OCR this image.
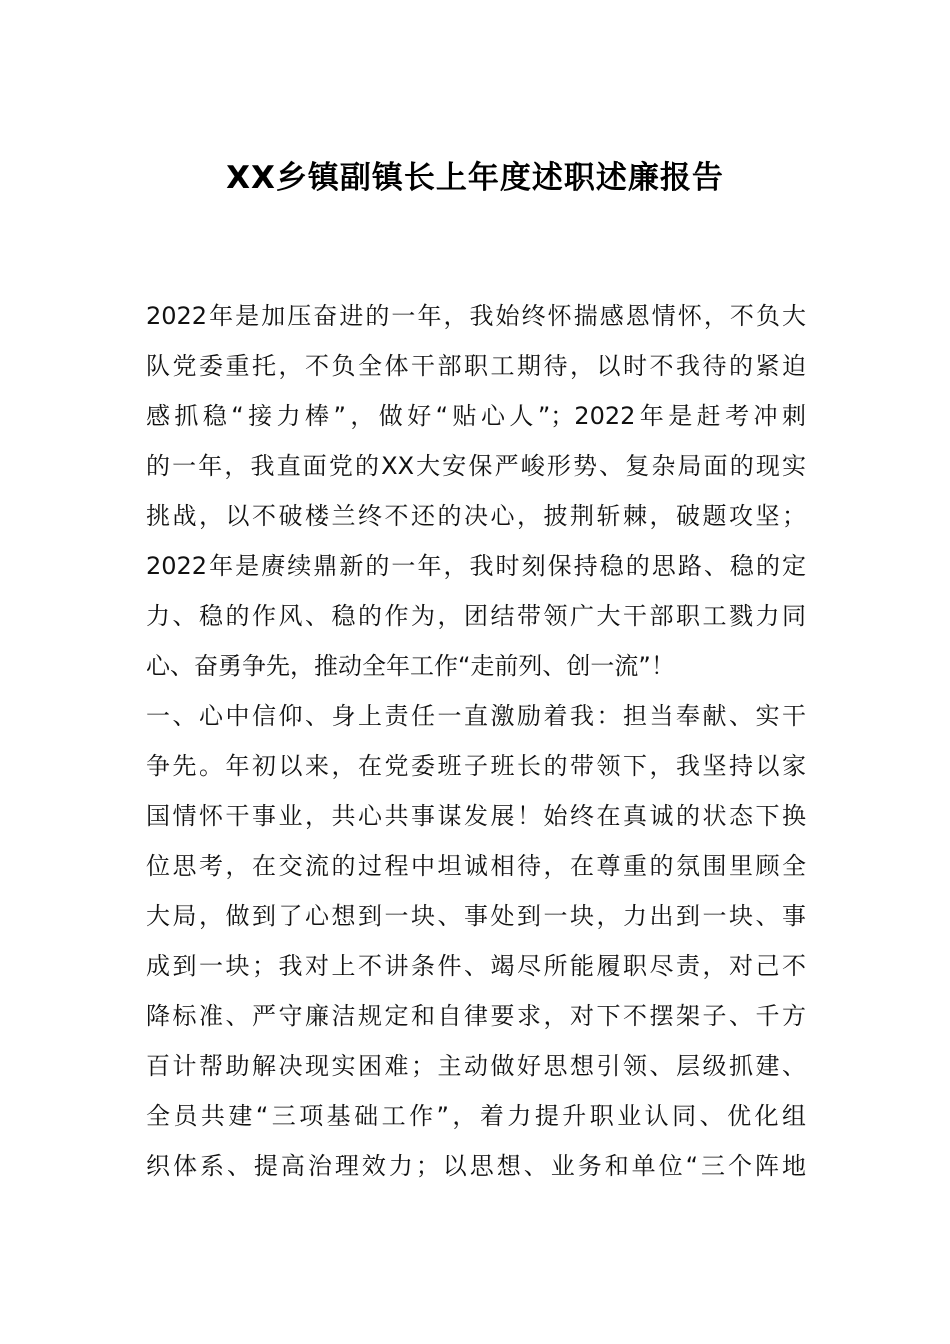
XX乡镇副镇长上年度述职述廉报告
2022年是加压奋进的一年，我始终怀揣感恩情怀，不负大
队党委重托，不负全体干部职工期待，以时不我待的紧迫
感抓稳“接力棒”，做好“贴心人”；2022年是赶考冲刺
的一年，我直面党的XX大安保严峻形势、复杂局面的现实
挑战，以不破楼兰终不还的决心，披荆斩棘，破题攻坚；
2022年是赓续鼎新的一年，我时刻保持稳的思路、稳的定
力、稳的作风、稳的作为，团结带领广大干部职工戮力同
心、奋勇争先，推动全年工作“走前列、创一流”！
一、心中信仰、身上责任一直激励着我：担当奉献、实干
争先。年初以来，在党委班子班长的带领下，我坚持以家
国情怀干事业，共心共事谋发展！始终在真诚的状态下换
位思考，在交流的过程中坦诚相待，在尊重的氛围里顾全
大局，做到了心想到一块、事处到一块，力出到一块、事
成到一块；我对上不讲条件、竭尽所能履职尽责，对己不
降标准、严守廉洁规定和自律要求，对下不摆架子、千方
百计帮助解决现实困难；主动做好思想引领、层级抓建、
全员共建“三项基础工作”，着力提升职业认同、优化组
织体系、提高治理效力；以思想、业务和单位“三个阵地
